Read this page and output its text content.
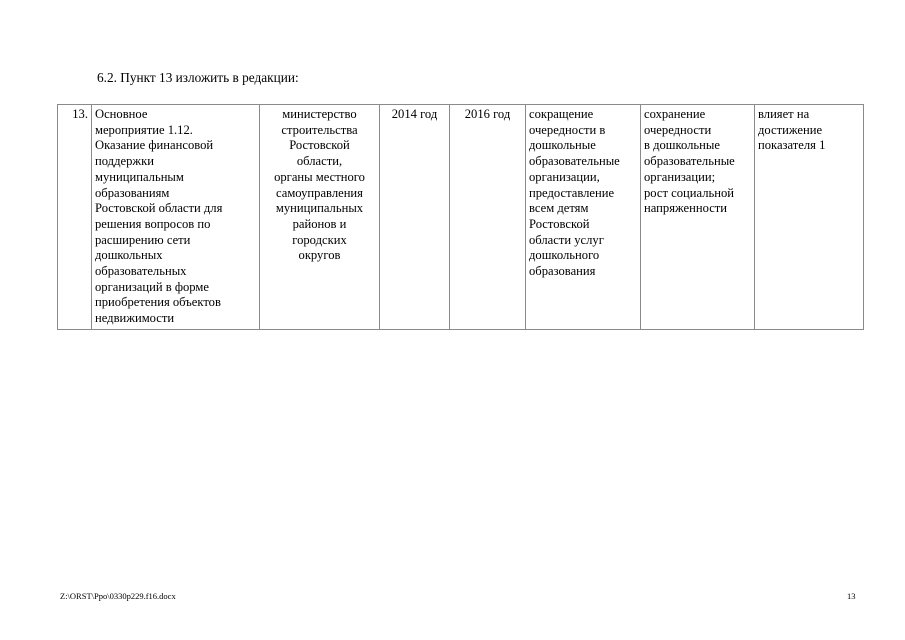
6.2. Пункт 13 изложить в редакции:
13.	Основное
мероприятие 1.12.
Оказание финансовой
поддержки
муниципальным
образованиям
Ростовской области для
решения вопросов по
расширению сети
дошкольных
образовательных
организаций в форме
приобретения объектов
недвижимости	министерство
строительства
Ростовской
области,
органы местного
самоуправления
муниципальных
районов и
городских
округов	2014 год	2016 год	сокращение
очередности в
дошкольные
образовательные
организации,
предоставление
всем детям
Ростовской
области услуг
дошкольного
образования	сохранение
очередности
в дошкольные
образовательные
организации;
рост социальной
напряженности	влияет на
достижение
показателя 1
Z:\ORST\Ppo\0330p229.f16.docx	13
